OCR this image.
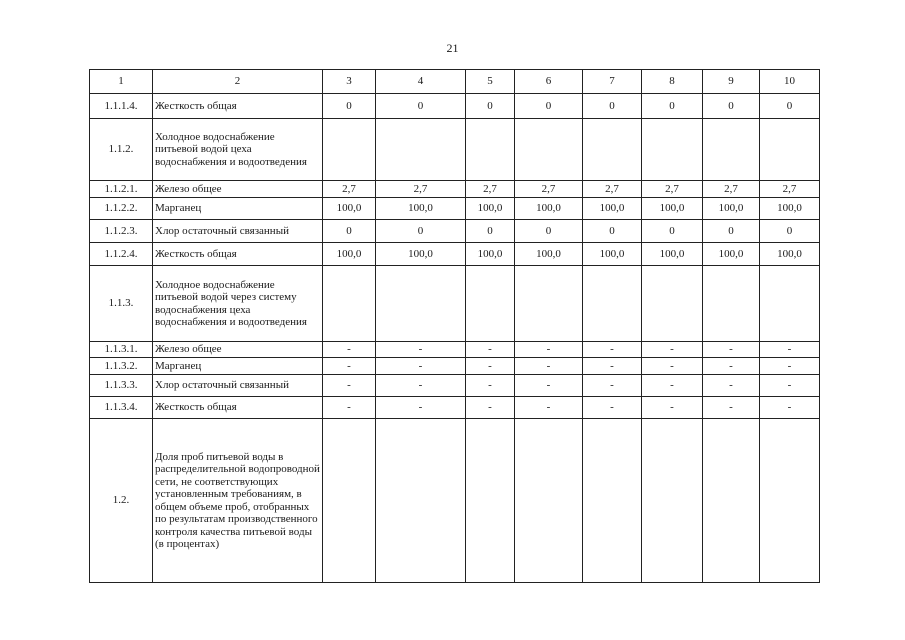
21
1	2	3	4	5	6	7	8	9	10
1.1.1.4.	Жесткость общая	0	0	0	0	0	0	0	0
1.1.2.	Холодное водоснабжение питьевой водой цеха водоснабжения и водоотведения								
1.1.2.1.	Железо общее	2,7	2,7	2,7	2,7	2,7	2,7	2,7	2,7
1.1.2.2.	Марганец	100,0	100,0	100,0	100,0	100,0	100,0	100,0	100,0
1.1.2.3.	Хлор остаточный связанный	0	0	0	0	0	0	0	0
1.1.2.4.	Жесткость общая	100,0	100,0	100,0	100,0	100,0	100,0	100,0	100,0
1.1.3.	Холодное водоснабжение питьевой водой через систему водоснабжения цеха водоснабжения и водоотведения								
1.1.3.1.	Железо общее	-	-	-	-	-	-	-	-
1.1.3.2.	Марганец	-	-	-	-	-	-	-	-
1.1.3.3.	Хлор остаточный связанный	-	-	-	-	-	-	-	-
1.1.3.4.	Жесткость общая	-	-	-	-	-	-	-	-
1.2.	Доля проб питьевой воды в распределительной водопроводной сети, не соответствующих установленным требованиям, в общем объеме проб, отобранных по результатам производственного контроля качества питьевой воды (в процентах)								
